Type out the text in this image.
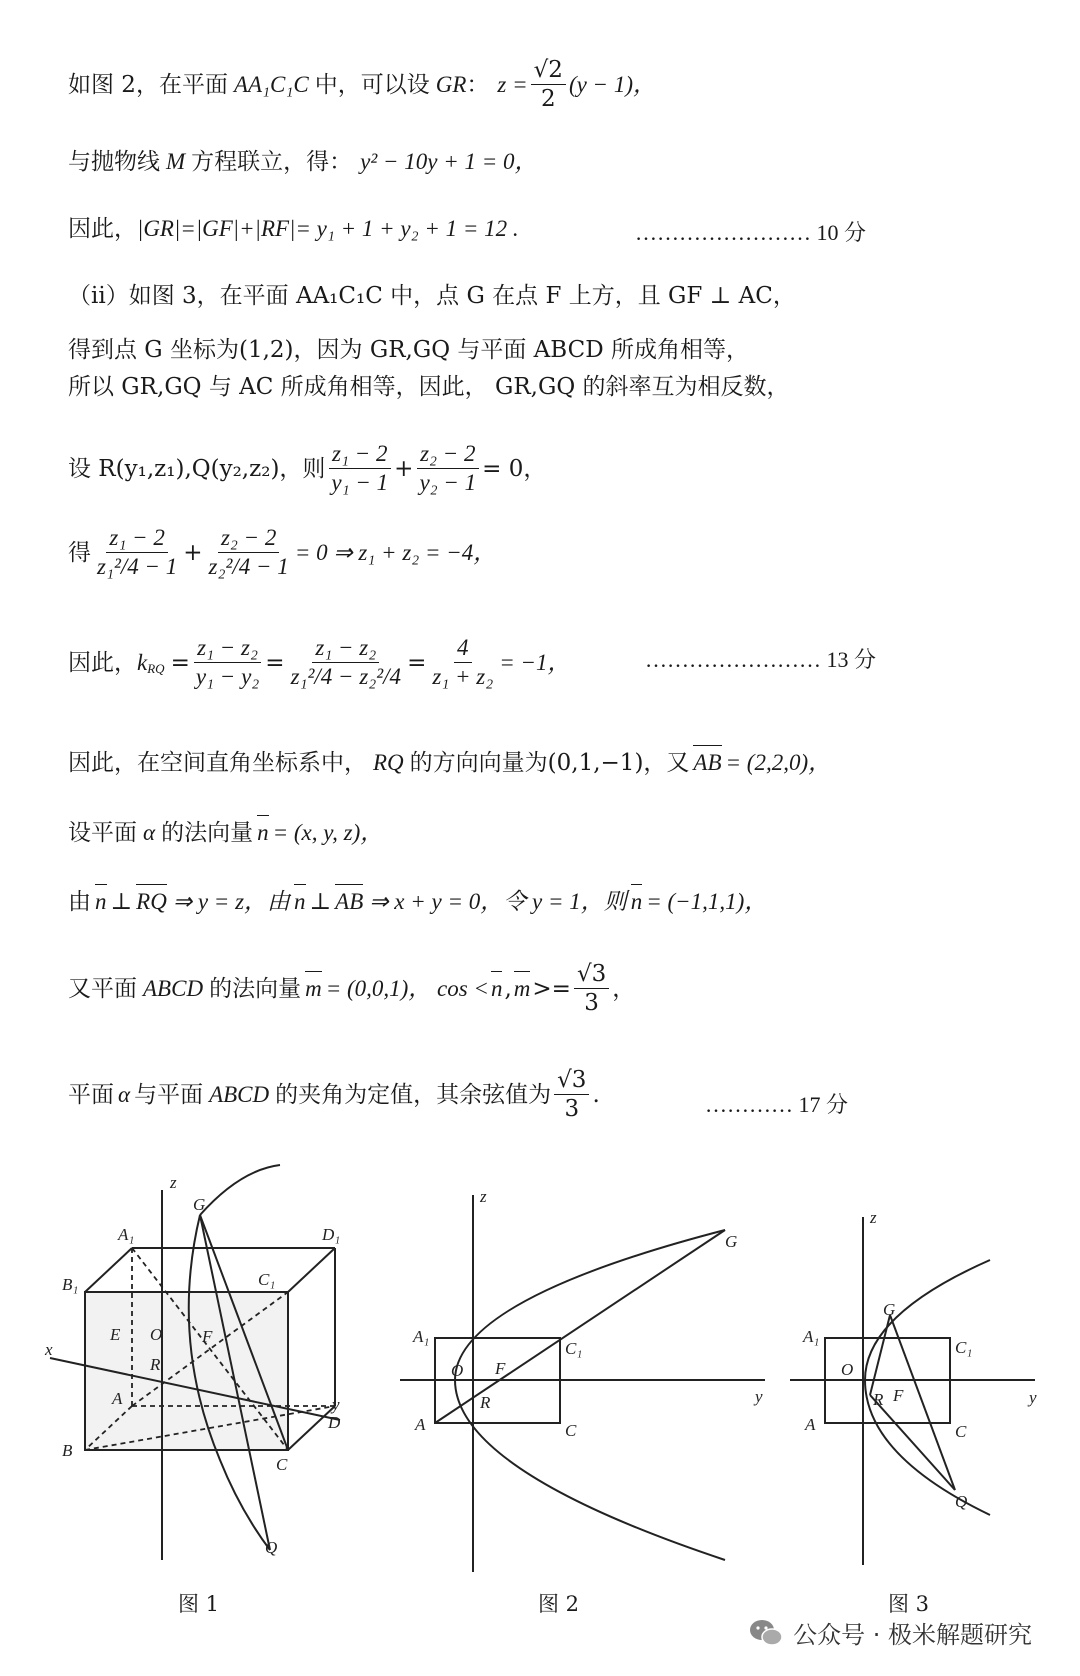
如图 2，在平面 AA₁C₁C 中，可以设 GR ： $z = \frac{√2}{2} (y - 1)$，
与抛物线 M 方程联立，得： y² − 10y + 1 = 0，
因此， |GR|=|GF|+|RF|= y₁ + 1 + y₂ + 1 = 12 .	…………………… 10 分
（ii）如图 3，在平面 AA₁C₁C 中，点 G 在点 F 上方，且 GF ⊥ AC，
得到点 G 坐标为(1,2)，因为 GR,GQ 与平面 ABCD 所成角相等，
所以 GR,GQ 与 AC 所成角相等，因此， GR,GQ 的斜率互为相反数，
设 R(y₁,z₁),Q(y₂,z₂)，则 $\frac{\text{z₁ − 2}}{\text{y₁ − 1}} + \frac{\text{z₂ − 2}}{\text{y₂ − 1}} = 0$，
得 $\frac{\text{z₁ − 2}}{\text{z₁²/4 − 1}} + \frac{\text{z₂ − 2}}{\text{z₂²/4 − 1}} = 0$ ⇒ z₁ + z₂ = −4，
因此， k RQ = $\frac{\text{z₁ − z₂}}{\text{y₁ − y₂}} = \frac{\text{z₁ − z₂}}{\text{z₁²/4 − z₂²/4}} = \frac{4}{\text{z₁ + z₂}} = -1$，	…………………… 13 分
因此，在空间直角坐标系中， RQ 的方向向量为(0,1,−1)，又 AB = (2,2,0)，
设平面 α 的法向量 n = (x, y, z)，
由 n ⊥ RQ ⇒ y = z，由 n ⊥ AB ⇒ x + y = 0，令 y = 1，则 n = (−1,1,1)，
又平面 ABCD 的法向量 m = (0,0,1)， cos < n , $m >= \frac{√3}{3}$ ，
平面 α 与平面 ABCD 的夹角为定值，其余弦值为 $\frac{√3}{3}$ .	………… 17 分
z
G
A₁	D₁
B₁	C₁
E O F
x
R
y
A
D
B
C
Q
图 1
z
G
A₁
C₁
O F
y
R
A	C
图 2
z
G
A₁
C₁
O
R F	y
A	C
Q
图 3
公众号 · 极米解题研究
